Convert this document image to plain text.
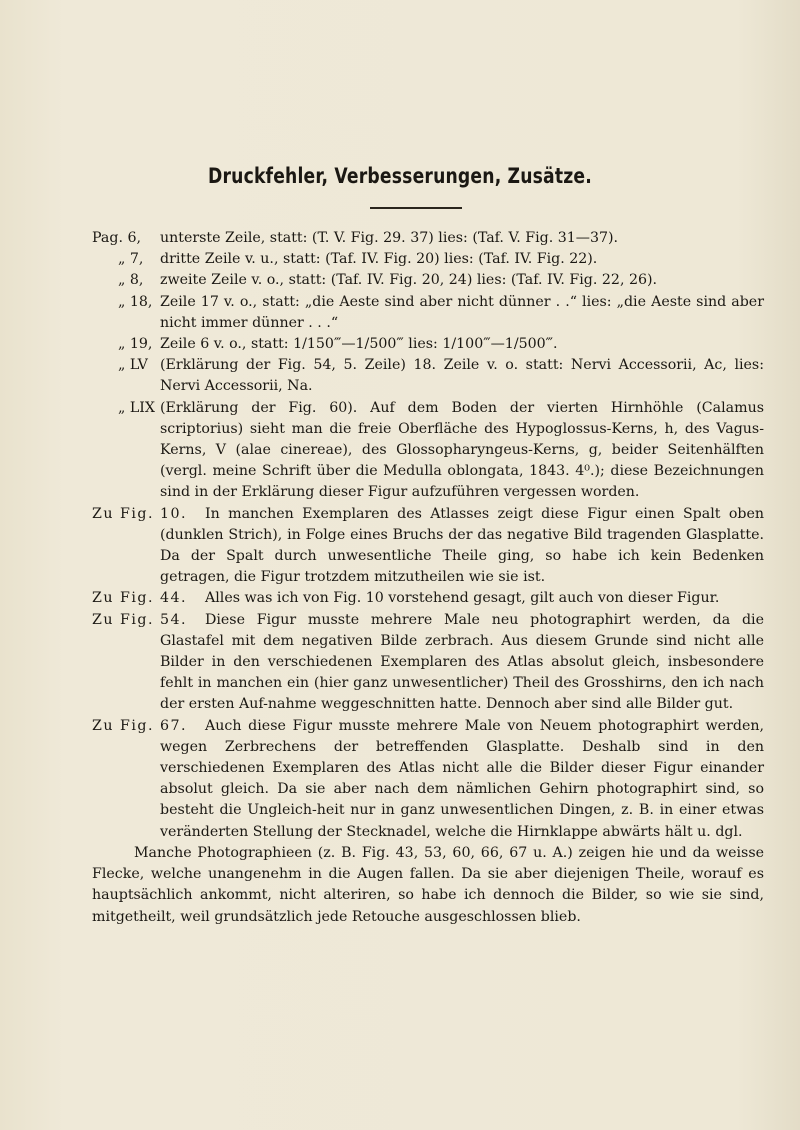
Druckfehler, Verbesserungen, Zusätze.
Pag. 6, unterste Zeile, statt: (T. V. Fig. 29. 37) lies: (Taf. V. Fig. 31—37).
„ 7, dritte Zeile v. u., statt: (Taf. IV. Fig. 20) lies: (Taf. IV. Fig. 22).
„ 8, zweite Zeile v. o., statt: (Taf. IV. Fig. 20, 24) lies: (Taf. IV. Fig. 22, 26).
„ 18, Zeile 17 v. o., statt: „die Aeste sind aber nicht dünner . .“ lies: „die Aeste sind aber nicht immer dünner . . .“
„ 19, Zeile 6 v. o., statt: 1/150‴—1/500‴ lies: 1/100‴—1/500‴.
„ LV (Erklärung der Fig. 54, 5. Zeile) 18. Zeile v. o. statt: Nervi Accessorii, Ac, lies: Nervi Accessorii, Na.
„ LIX (Erklärung der Fig. 60). Auf dem Boden der vierten Hirnhöhle (Calamus scriptorius) sieht man die freie Oberfläche des Hypoglossus-Kerns, h, des Vagus-Kerns, V (alae cinereae), des Glossopharyngeus-Kerns, g, beider Seitenhälften (vergl. meine Schrift über die Medulla oblongata, 1843. 4⁰.); diese Bezeichnungen sind in der Erklärung dieser Figur aufzuführen vergessen worden.
Zu Fig. 10.	In manchen Exemplaren des Atlasses zeigt diese Figur einen Spalt oben (dunklen Strich), in Folge eines Bruchs der das negative Bild tragenden Glasplatte. Da der Spalt durch unwesentliche Theile ging, so habe ich kein Bedenken getragen, die Figur trotzdem mitzutheilen wie sie ist.
Zu Fig. 44.	Alles was ich von Fig. 10 vorstehend gesagt, gilt auch von dieser Figur.
Zu Fig. 54.	Diese Figur musste mehrere Male neu photographirt werden, da die Glastafel mit dem negativen Bilde zerbrach. Aus diesem Grunde sind nicht alle Bilder in den verschiedenen Exemplaren des Atlas absolut gleich, insbesondere fehlt in manchen ein (hier ganz unwesentlicher) Theil des Grosshirns, den ich nach der ersten Auf-nahme weggeschnitten hatte. Dennoch aber sind alle Bilder gut.
Zu Fig. 67.	Auch diese Figur musste mehrere Male von Neuem photographirt werden, wegen Zerbrechens der betreffenden Glasplatte. Deshalb sind in den verschiedenen Exemplaren des Atlas nicht alle die Bilder dieser Figur einander absolut gleich. Da sie aber nach dem nämlichen Gehirn photographirt sind, so besteht die Ungleich-heit nur in ganz unwesentlichen Dingen, z. B. in einer etwas veränderten Stellung der Stecknadel, welche die Hirnklappe abwärts hält u. dgl.
Manche Photographieen (z. B. Fig. 43, 53, 60, 66, 67 u. A.) zeigen hie und da weisse Flecke, welche unangenehm in die Augen fallen. Da sie aber diejenigen Theile, worauf es hauptsächlich ankommt, nicht alteriren, so habe ich dennoch die Bilder, so wie sie sind, mitgetheilt, weil grundsätzlich jede Retouche ausgeschlossen blieb.
